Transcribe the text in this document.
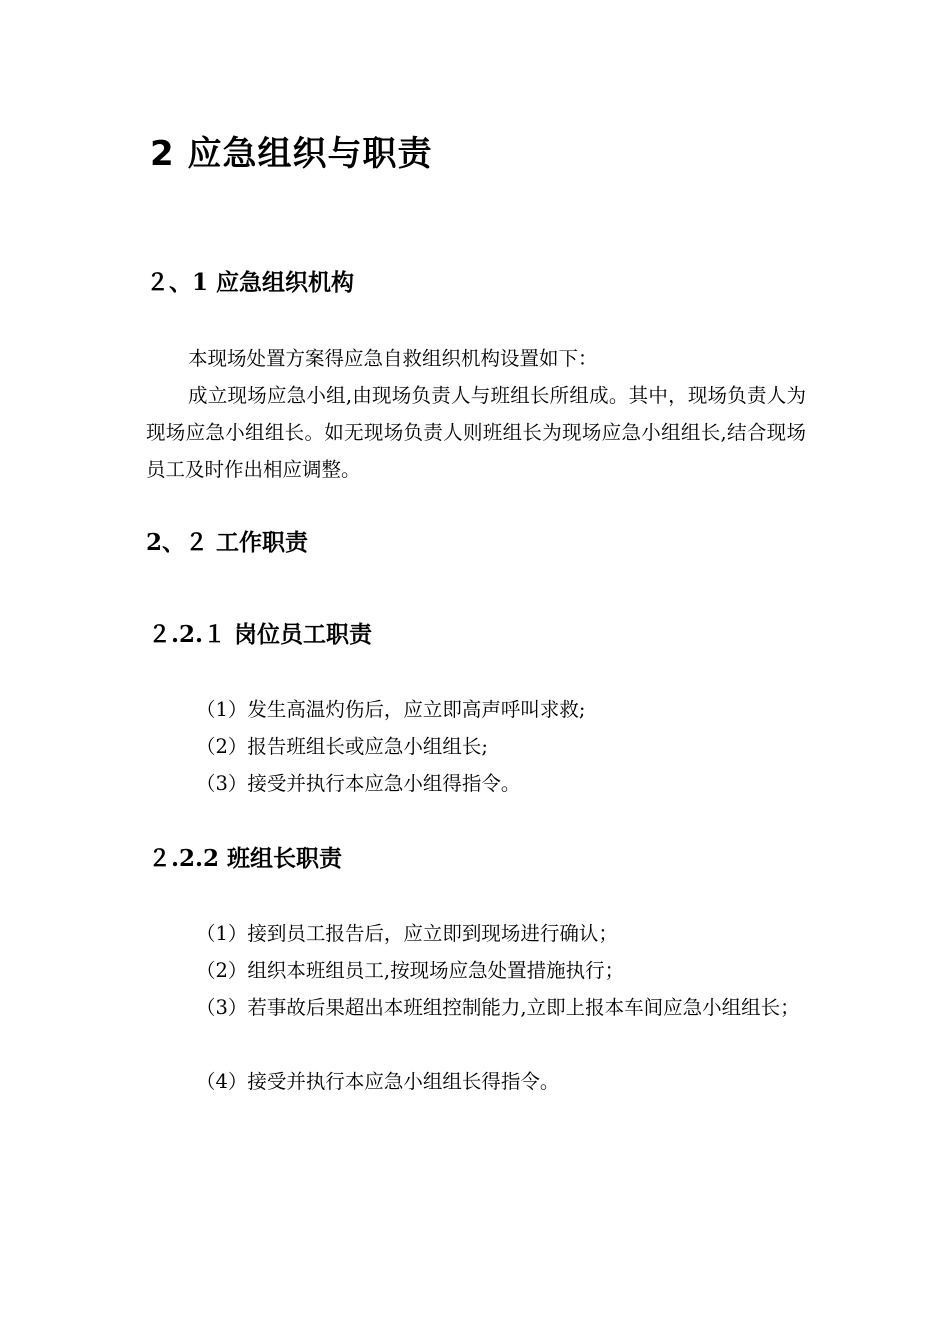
2 应急组织与职责
２、1 应急组织机构

本现场处置方案得应急自救组织机构设置如下：

成立现场应急小组,由现场负责人与班组长所组成。其中，现场负责人为现场应急小组组长。如无现场负责人则班组长为现场应急小组组长,结合现场员工及时作出相应调整。

2、２ 工作职责
２.2.１ 岗位员工职责

（1）发生高温灼伤后，应立即高声呼叫求救;

（2）报告班组长或应急小组组长;

（3）接受并执行本应急小组得指令。

２.2.2 班组长职责

（1）接到员工报告后，应立即到现场进行确认；

（2）组织本班组员工,按现场应急处置措施执行；

（3）若事故后果超出本班组控制能力,立即上报本车间应急小组组长；

（4）接受并执行本应急小组组长得指令。
